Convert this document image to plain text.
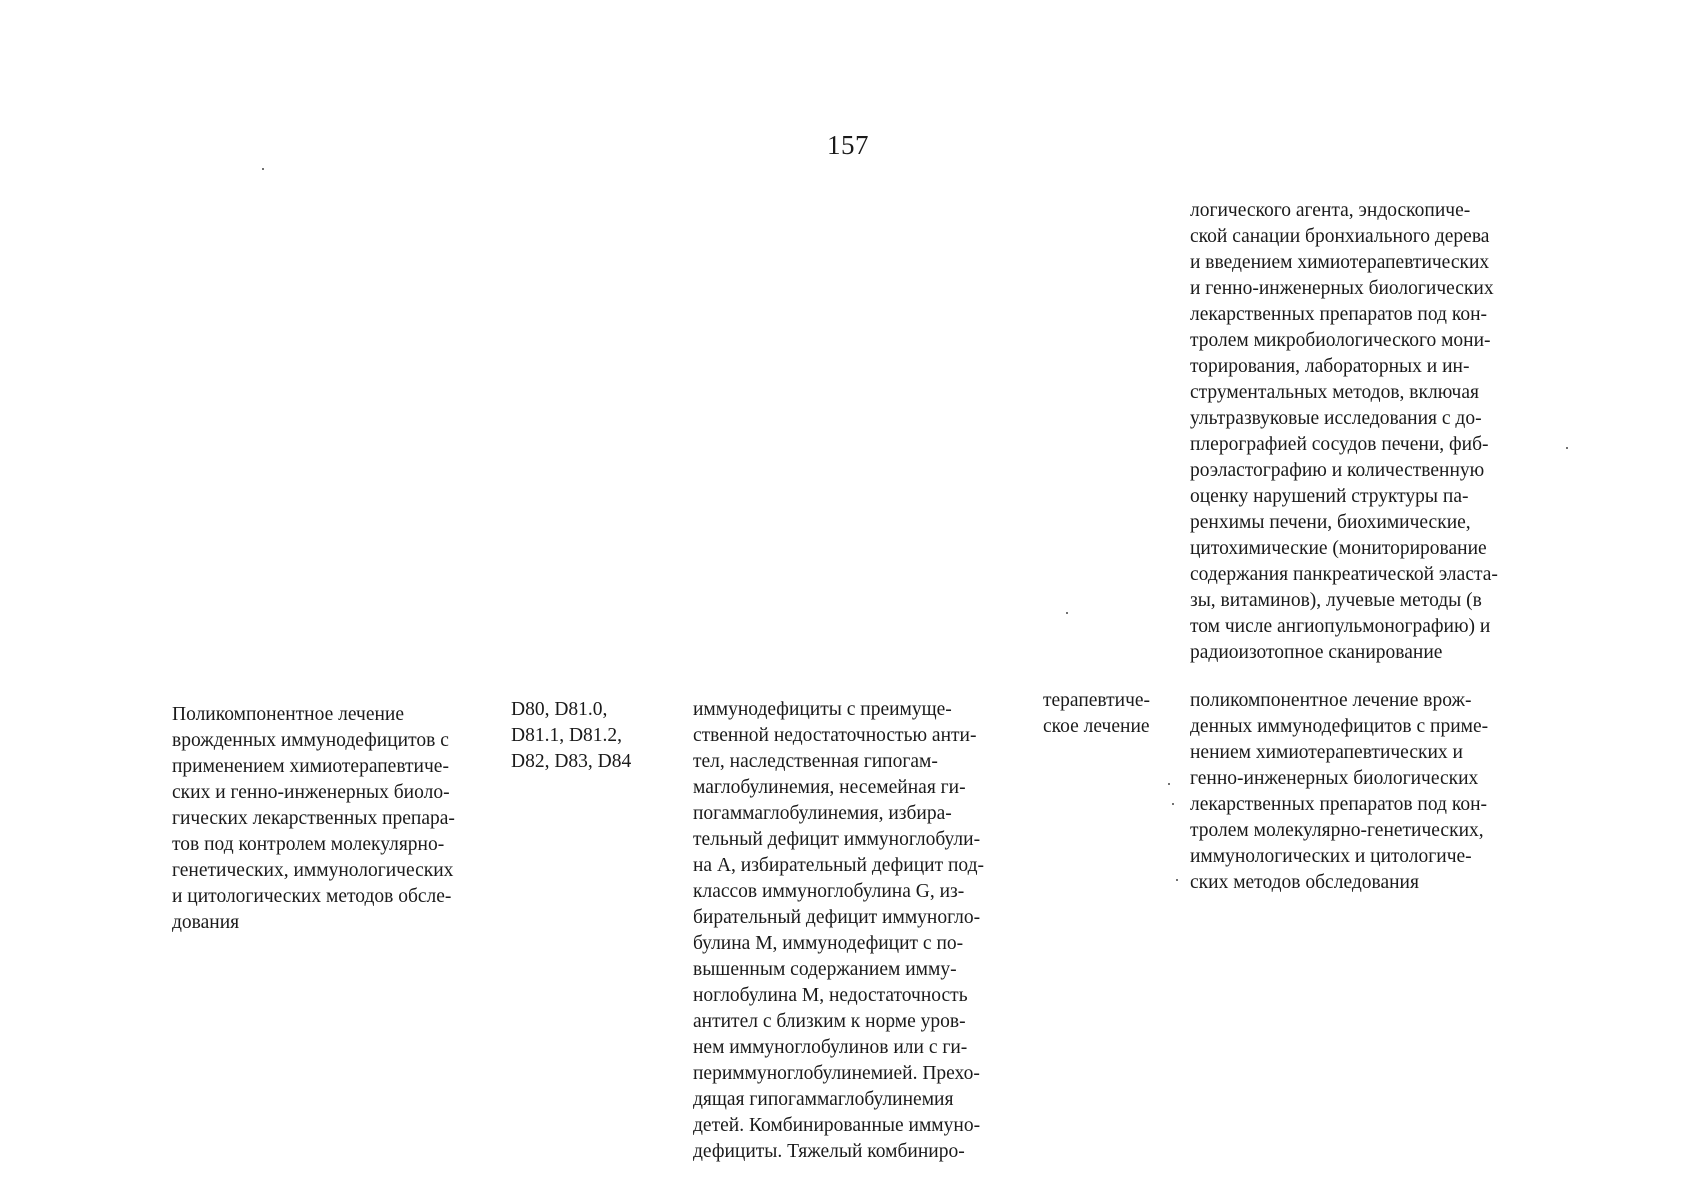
157
логического агента, эндоскопиче-
ской санации бронхиального дерева
и введением химиотерапевтических
и генно-инженерных биологических
лекарственных препаратов под кон-
тролем микробиологического мони-
торирования, лабораторных и ин-
струментальных методов, включая
ультразвуковые исследования с до-
плерографией сосудов печени, фиб-
роэластографию и количественную
оценку нарушений структуры па-
ренхимы печени, биохимические,
цитохимические (мониторирование
содержания панкреатической эласта-
зы, витаминов), лучевые методы (в
том числе ангиопульмонографию) и
радиоизотопное сканирование
Поликомпонентное лечение
врожденных иммунодефицитов с
применением химиотерапевтиче-
ских и генно-инженерных биоло-
гических лекарственных препара-
тов под контролем молекулярно-
генетических, иммунологических
и цитологических методов обсле-
дования
D80, D81.0,
D81.1, D81.2,
D82, D83, D84
иммунодефициты с преимуще-
ственной недостаточностью анти-
тел, наследственная гипогам-
маглобулинемия, несемейная ги-
погаммаглобулинемия, избира-
тельный дефицит иммуноглобули-
на А, избирательный дефицит под-
классов иммуноглобулина G, из-
бирательный дефицит иммуногло-
булина М, иммунодефицит с по-
вышенным содержанием иммy-
ноглобулина М, недостаточность
антител с близким к норме уров-
нем иммуноглобулинов или с ги-
периммуноглобулинемией. Прехо-
дящая гипогаммаглобулинемия
детей. Комбинированные иммуно-
дефициты. Тяжелый комбиниро-
терапевтиче-
ское лечение
поликомпонентное лечение врож-
денных иммунодефицитов с приме-
нением химиотерапевтических и
генно-инженерных биологических
лекарственных препаратов под кон-
тролем молекулярно-генетических,
иммунологических и цитологиче-
ских методов обследования
